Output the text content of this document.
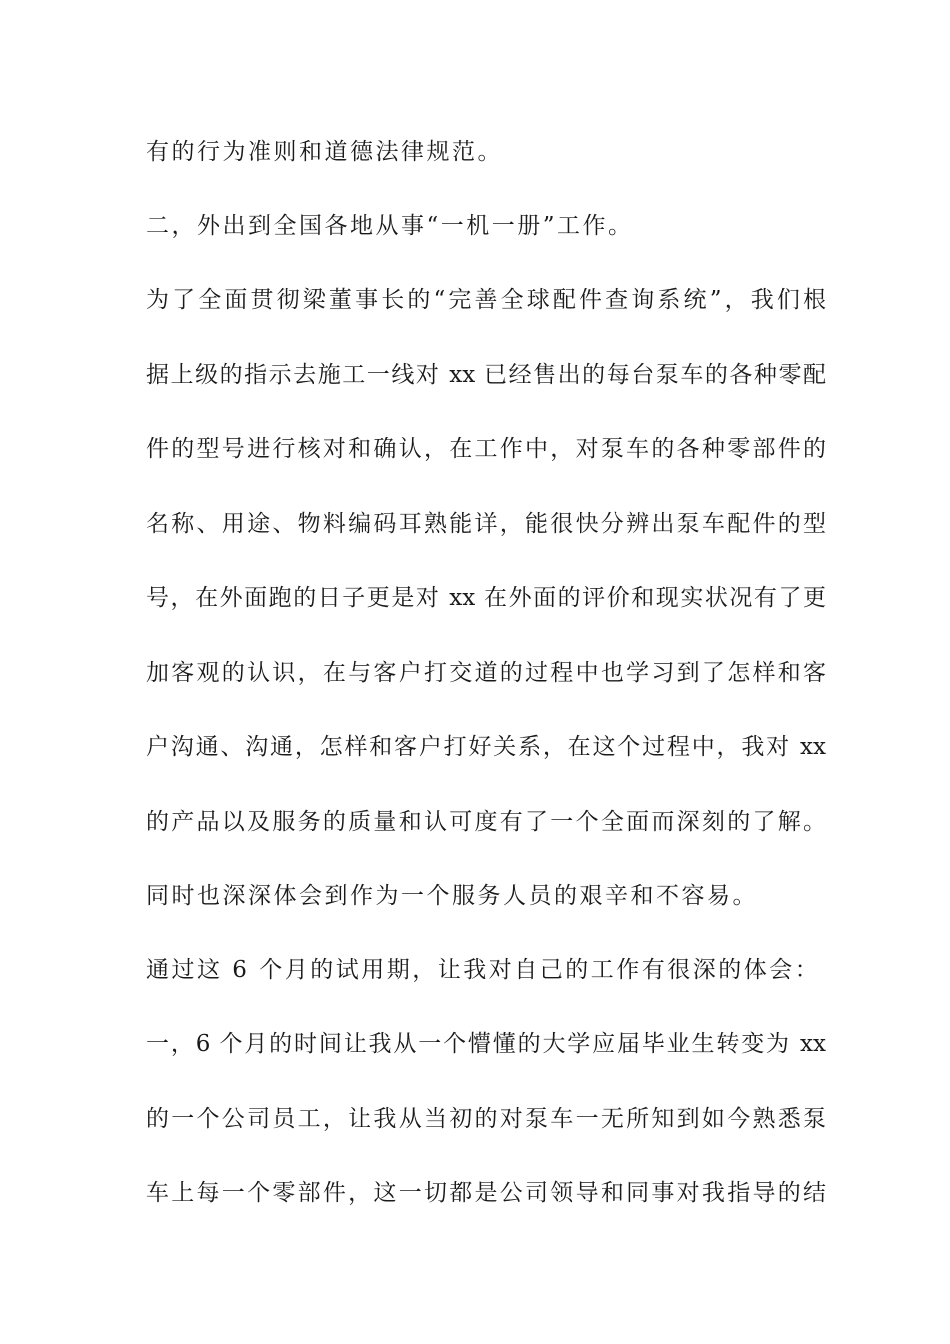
有的行为准则和道德法律规范。

二，外出到全国各地从事“一机一册”工作。

为了全面贯彻梁董事长的“完善全球配件查询系统”，我们根

据上级的指示去施工一线对 xx 已经售出的每台泵车的各种零配

件的型号进行核对和确认，在工作中，对泵车的各种零部件的

名称、用途、物料编码耳熟能详，能很快分辨出泵车配件的型

号，在外面跑的日子更是对 xx 在外面的评价和现实状况有了更

加客观的认识，在与客户打交道的过程中也学习到了怎样和客

户沟通、沟通，怎样和客户打好关系，在这个过程中，我对 xx

的产品以及服务的质量和认可度有了一个全面而深刻的了解。

同时也深深体会到作为一个服务人员的艰辛和不容易。

通过这 6 个月的试用期，让我对自己的工作有很深的体会：

一，6 个月的时间让我从一个懵懂的大学应届毕业生转变为 xx

的一个公司员工，让我从当初的对泵车一无所知到如今熟悉泵

车上每一个零部件，这一切都是公司领导和同事对我指导的结
